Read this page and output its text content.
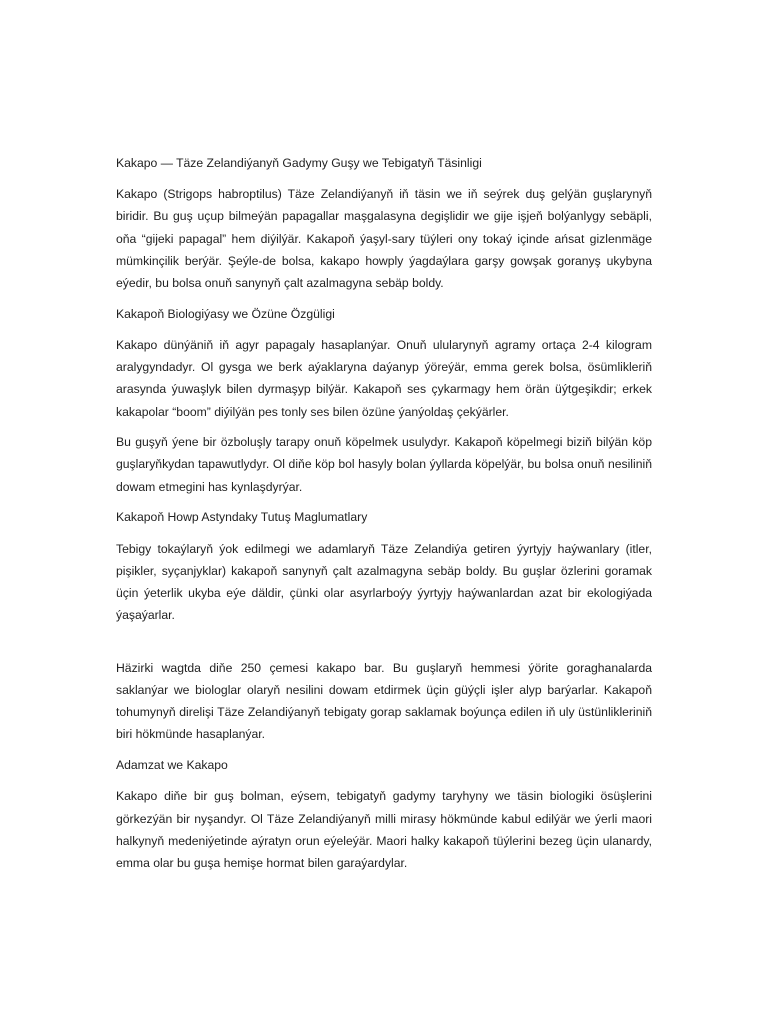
Kakapo — Täze Zelandiýanyň Gadymy Guşy we Tebigatyň Täsinligi

Kakapo (Strigops habroptilus) Täze Zelandiýanyň iň täsin we iň seýrek duş gelýän guşlarynyň biridir. Bu guş uçup bilmeýän papagallar maşgalasyna degişlidir we gije işjeň bolýanlygy sebäpli, oňa “gijeki papagal” hem diýilýär. Kakapoň ýaşyl-sary tüýleri ony tokaý içinde ańsat gizlenmäge mümkinçilik berýär. Şeýle-de bolsa, kakapo howply ýagdaýlara garşy gowşak goranyş ukybyna eýedir, bu bolsa onuň sanynyň çalt azalmagyna sebäp boldy.

Kakapoň Biologiýasy we Özüne Özgüligi

Kakapo dünýäniň iň agyr papagaly hasaplanýar. Onuň ulularynyň agramy ortaça 2-4 kilogram aralygyndadyr. Ol gysga we berk aýaklaryna daýanyp ýöreýär, emma gerek bolsa, ösümlikleriň arasynda ýuwaşlyk bilen dyrmaşyp bilýär. Kakapoň ses çykarmagy hem örän üýtgeşikdir; erkek kakapolar “boom” diýilýän pes tonly ses bilen özüne ýanýoldaş çekýärler.

Bu guşyň ýene bir özboluşly tarapy onuň köpelmek usulydyr. Kakapoň köpelmegi biziň bilýän köp guşlaryňkydan tapawutlydyr. Ol diňe köp bol hasyly bolan ýyllarda köpelýär, bu bolsa onuň nesiliniň dowam etmegini has kynlaşdyrýar.

Kakapoň Howp Astyndaky Tutuş Maglumatlary

Tebigy tokaýlaryň ýok edilmegi we adamlaryň Täze Zelandiýa getiren ýyrtyjy haýwanlary (itler, pişikler, syçanjyklar) kakapoň sanynyň çalt azalmagyna sebäp boldy. Bu guşlar özlerini goramak üçin ýeterlik ukyba eýe däldir, çünki olar asyrlarboýy ýyrtyjy haýwanlardan azat bir ekologiýada ýaşaýarlar.

Häzirki wagtda diňe 250 çemesi kakapo bar. Bu guşlaryň hemmesi ýörite goraghanalarda saklanýar we biologlar olaryň nesilini dowam etdirmek üçin güýçli işler alyp barýarlar. Kakapoň tohumynyň direlişi Täze Zelandiýanyň tebigaty gorap saklamak boýunça edilen iň uly üstünlikleriniň biri hökmünde hasaplanýar.

Adamzat we Kakapo

Kakapo diňe bir guş bolman, eýsem, tebigatyň gadymy taryhyny we täsin biologiki ösüşlerini görkezýän bir nyşandyr. Ol Täze Zelandiýanyň milli mirasy hökmünde kabul edilýär we ýerli maori halkynyň medeniýetinde aýratyn orun eýeleýär. Maori halky kakapoň tüýlerini bezeg üçin ulanardy, emma olar bu guşa hemişe hormat bilen garaýardylar.
